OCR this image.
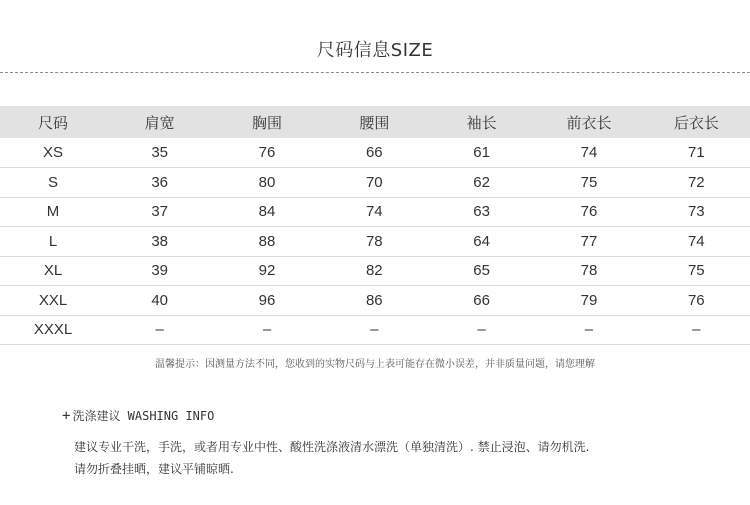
尺码信息SIZE
尺码	肩宽	胸围	腰围	袖长	前衣长	后衣长
XS	35	76	66	61	74	71
S	36	80	70	62	75	72
M	37	84	74	63	76	73
L	38	88	78	64	77	74
XL	39	92	82	65	78	75
XXL	40	96	86	66	79	76
XXXL	–	–	–	–	–	–
温馨提示：因测量方法不同，您收到的实物尺码与上表可能存在微小误差，并非质量问题，请您理解
+ 洗涤建议 WASHING INFO
建议专业干洗，手洗，或者用专业中性、酸性洗涤液清水漂洗（单独清洗）. 禁止浸泡、请勿机洗.
请勿折叠挂晒，建议平铺晾晒.
